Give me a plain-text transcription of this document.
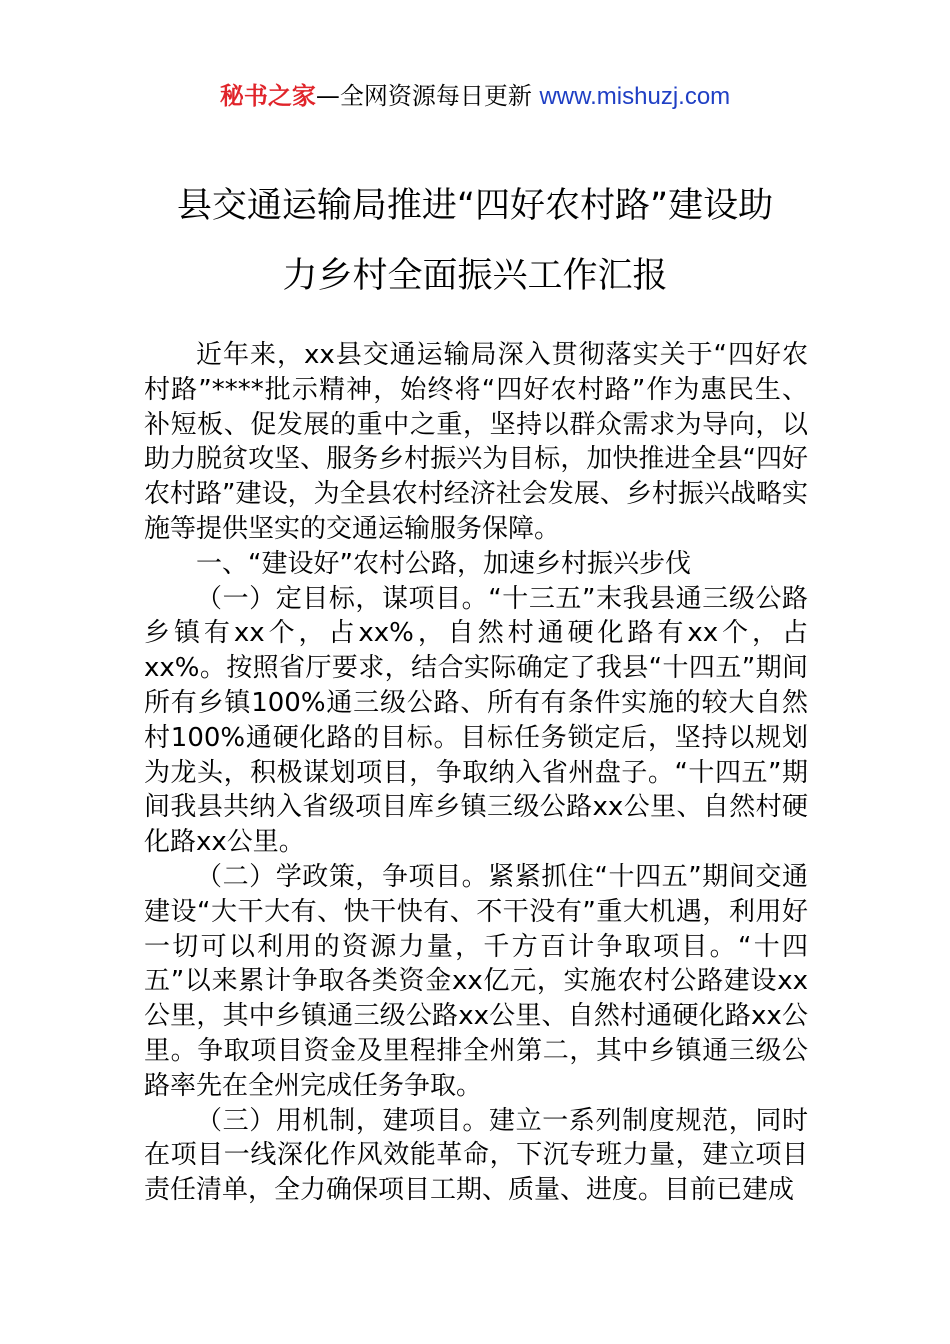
秘书之家—全网资源每日更新 www.mishuzj.com
县交通运输局推进“四好农村路”建设助
力乡村全面振兴工作汇报

近年来，xx县交通运输局深入贯彻落实关于“四好农村路”****批示精神，始终将“四好农村路”作为惠民生、补短板、促发展的重中之重，坚持以群众需求为导向，以助力脱贫攻坚、服务乡村振兴为目标，加快推进全县“四好农村路”建设，为全县农村经济社会发展、乡村振兴战略实施等提供坚实的交通运输服务保障。

一、“建设好”农村公路，加速乡村振兴步伐

（一）定目标，谋项目。“十三五”末我县通三级公路乡镇有xx个，占xx%，自然村通硬化路有xx个，占xx%。按照省厅要求，结合实际确定了我县“十四五”期间所有乡镇100%通三级公路、所有有条件实施的较大自然村100%通硬化路的目标。目标任务锁定后，坚持以规划为龙头，积极谋划项目，争取纳入省州盘子。“十四五”期间我县共纳入省级项目库乡镇三级公路xx公里、自然村硬化路xx公里。

（二）学政策，争项目。紧紧抓住“十四五”期间交通建设“大干大有、快干快有、不干没有”重大机遇，利用好一切可以利用的资源力量，千方百计争取项目。“十四五”以来累计争取各类资金xx亿元，实施农村公路建设xx公里，其中乡镇通三级公路xx公里、自然村通硬化路xx公里。争取项目资金及里程排全州第二，其中乡镇通三级公路率先在全州完成任务争取。

（三）用机制，建项目。建立一系列制度规范，同时在项目一线深化作风效能革命，下沉专班力量，建立项目责任清单，全力确保项目工期、质量、进度。目前已建成
